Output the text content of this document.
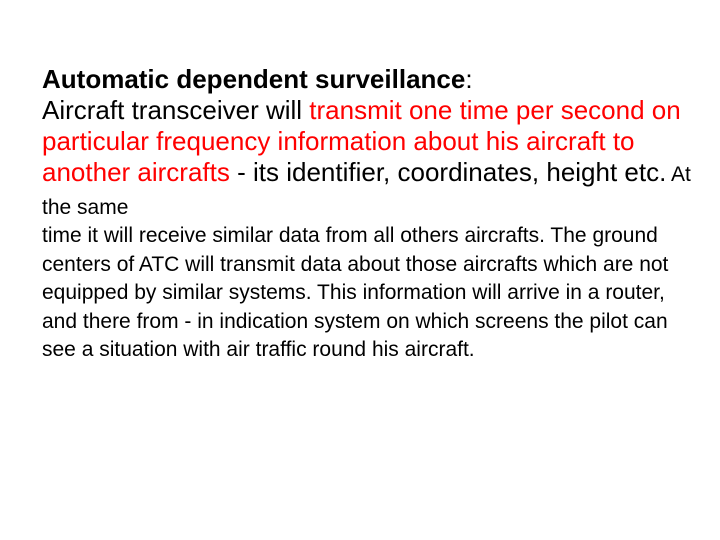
Automatic dependent surveillance:
Aircraft transceiver will transmit one time per second on particular frequency information about his aircraft to another aircrafts - its identifier, coordinates, height etc. At the same

time it will receive similar data from all others aircrafts. The ground centers of ATC will transmit data about those aircrafts which are not equipped by similar systems. This information will arrive in a router, and there from - in indication system on which screens the pilot can see a situation with air traffic round his aircraft.
